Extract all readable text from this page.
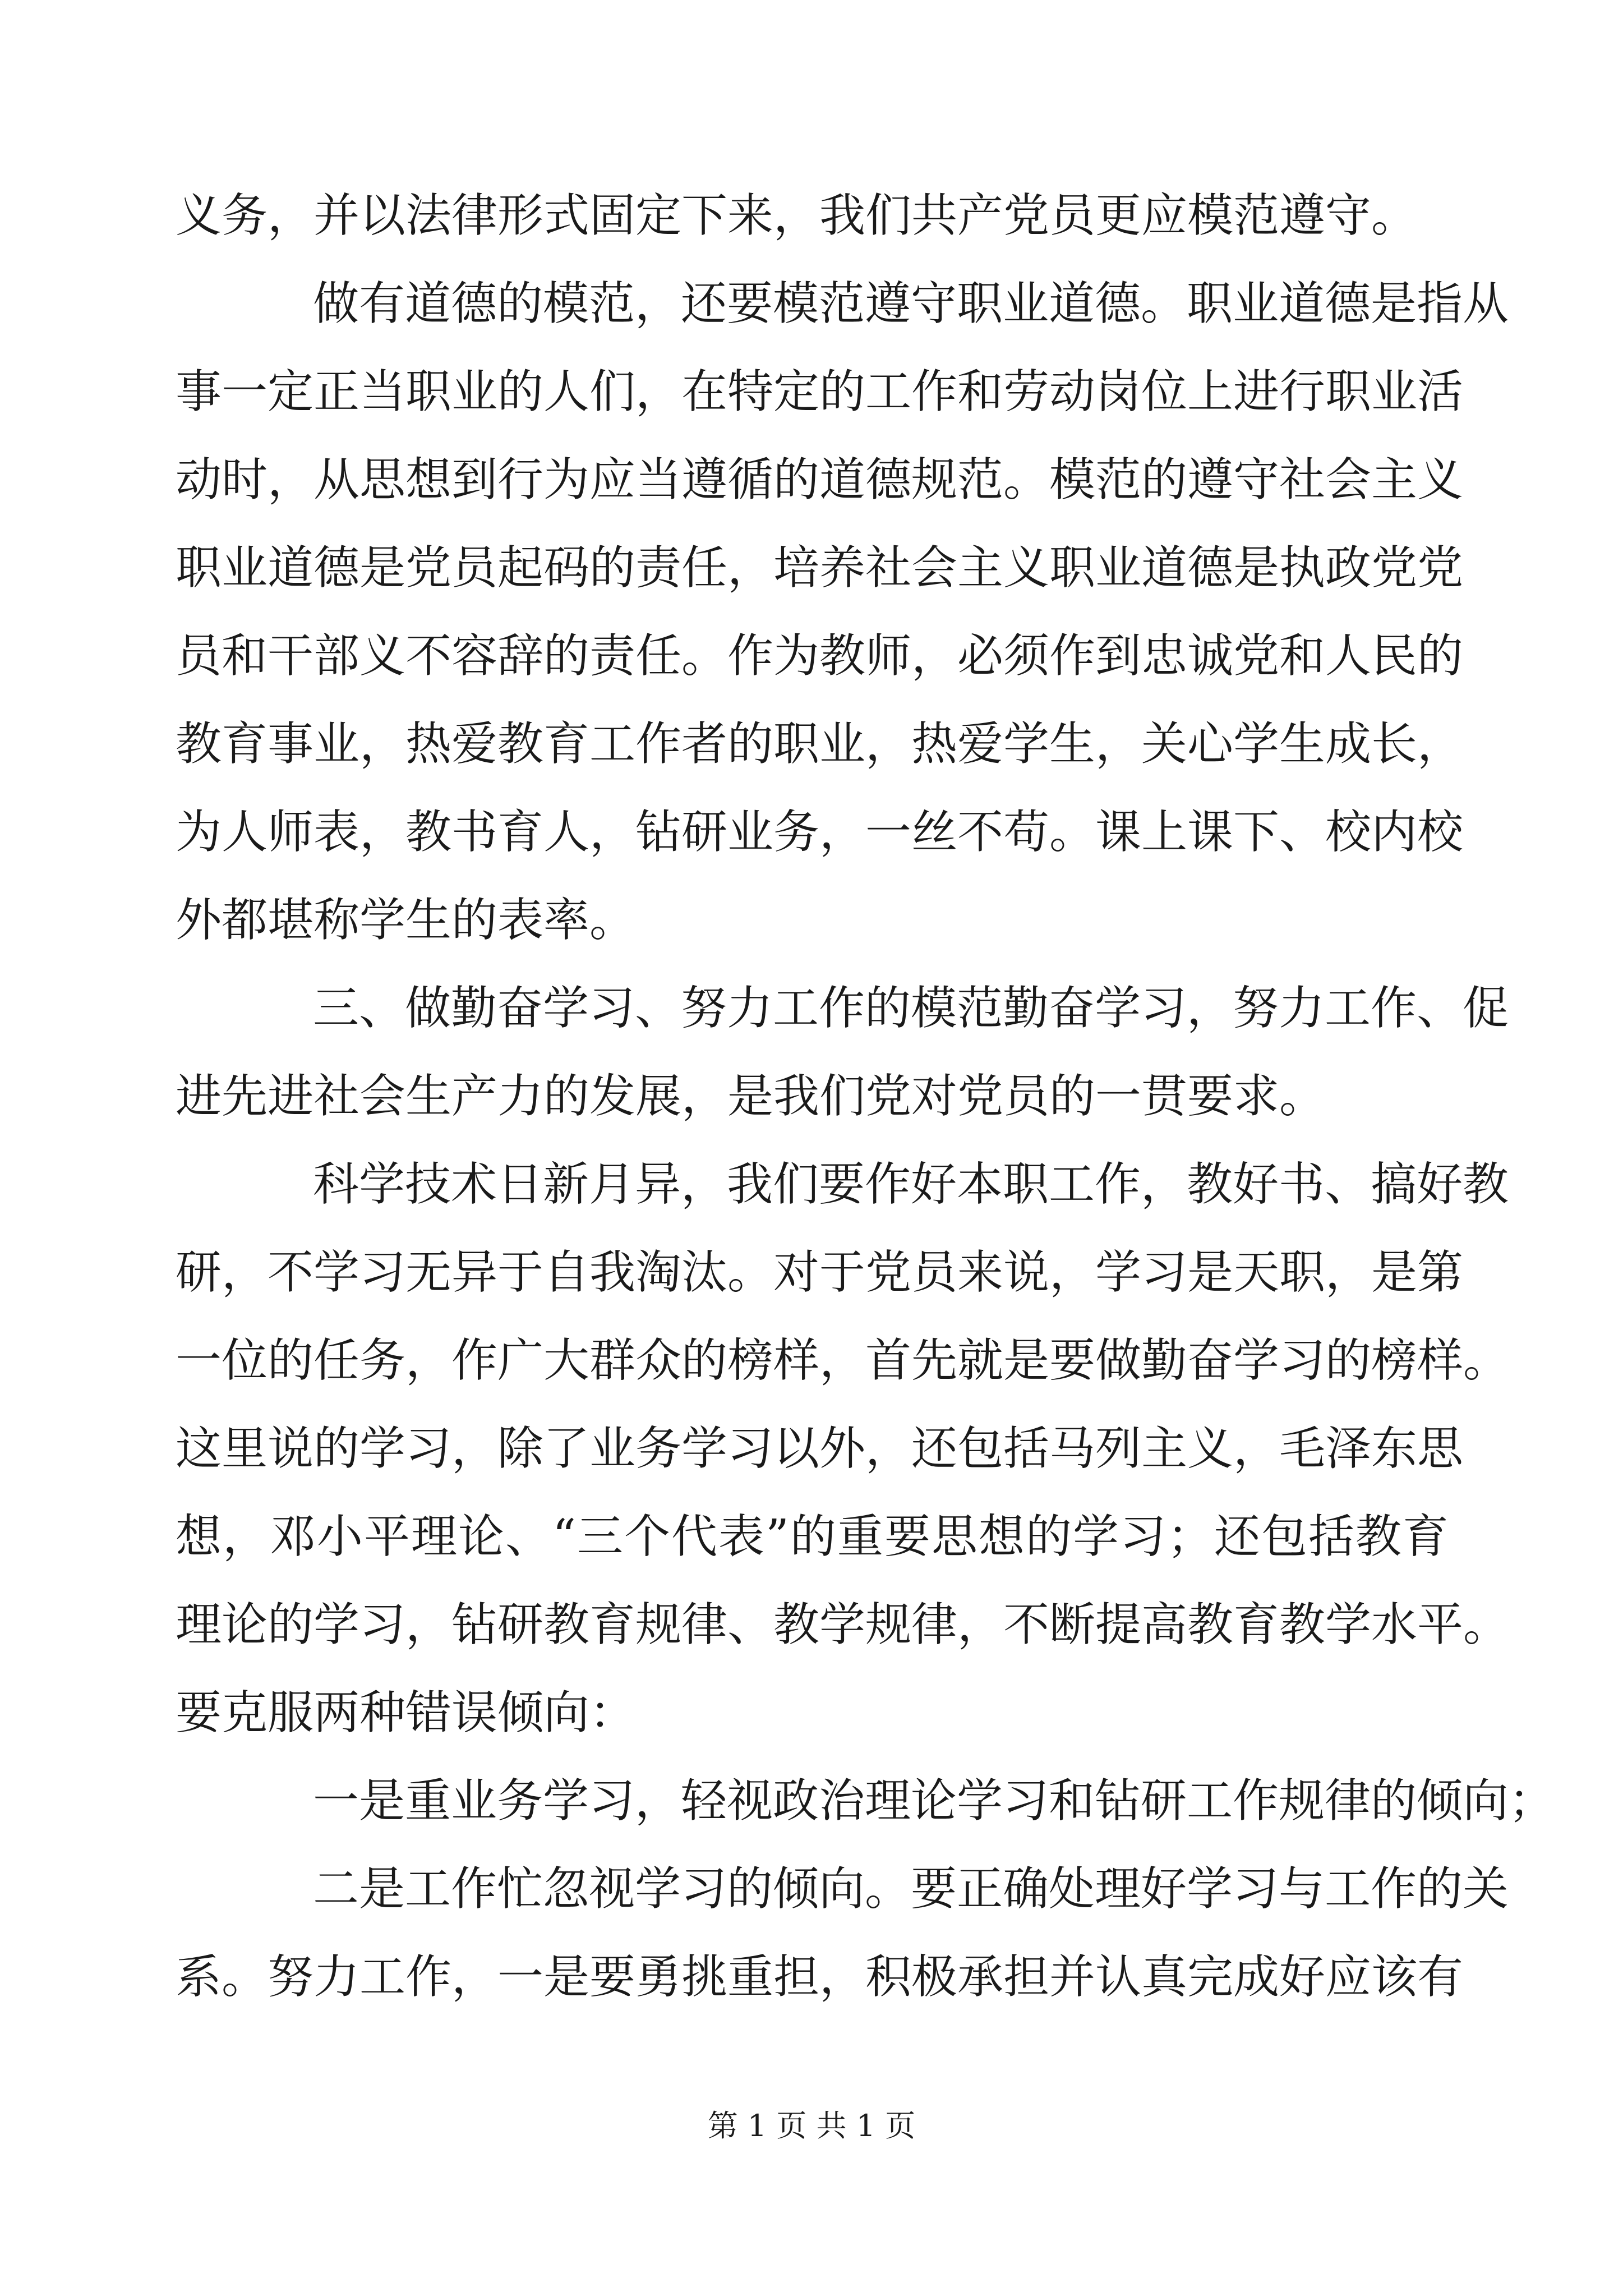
义务，并以法律形式固定下来，我们共产党员更应模范遵守。
做有道德的模范，还要模范遵守职业道德。职业道德是指从
事一定正当职业的人们，在特定的工作和劳动岗位上进行职业活
动时，从思想到行为应当遵循的道德规范。模范的遵守社会主义
职业道德是党员起码的责任，培养社会主义职业道德是执政党党
员和干部义不容辞的责任。作为教师，必须作到忠诚党和人民的
教育事业，热爱教育工作者的职业，热爱学生，关心学生成长，
为人师表，教书育人，钻研业务，一丝不苟。课上课下、校内校
外都堪称学生的表率。
三、做勤奋学习、努力工作的模范勤奋学习，努力工作、促
进先进社会生产力的发展，是我们党对党员的一贯要求。
科学技术日新月异，我们要作好本职工作，教好书、搞好教
研，不学习无异于自我淘汰。对于党员来说，学习是天职，是第
一位的任务，作广大群众的榜样，首先就是要做勤奋学习的榜样。
这里说的学习，除了业务学习以外，还包括马列主义，毛泽东思
想，邓小平理论、“三个代表”的重要思想的学习；还包括教育
理论的学习，钻研教育规律、教学规律，不断提高教育教学水平。
要克服两种错误倾向：
一是重业务学习，轻视政治理论学习和钻研工作规律的倾向；
二是工作忙忽视学习的倾向。要正确处理好学习与工作的关
系。努力工作，一是要勇挑重担，积极承担并认真完成好应该有
第 1 页 共 1 页
